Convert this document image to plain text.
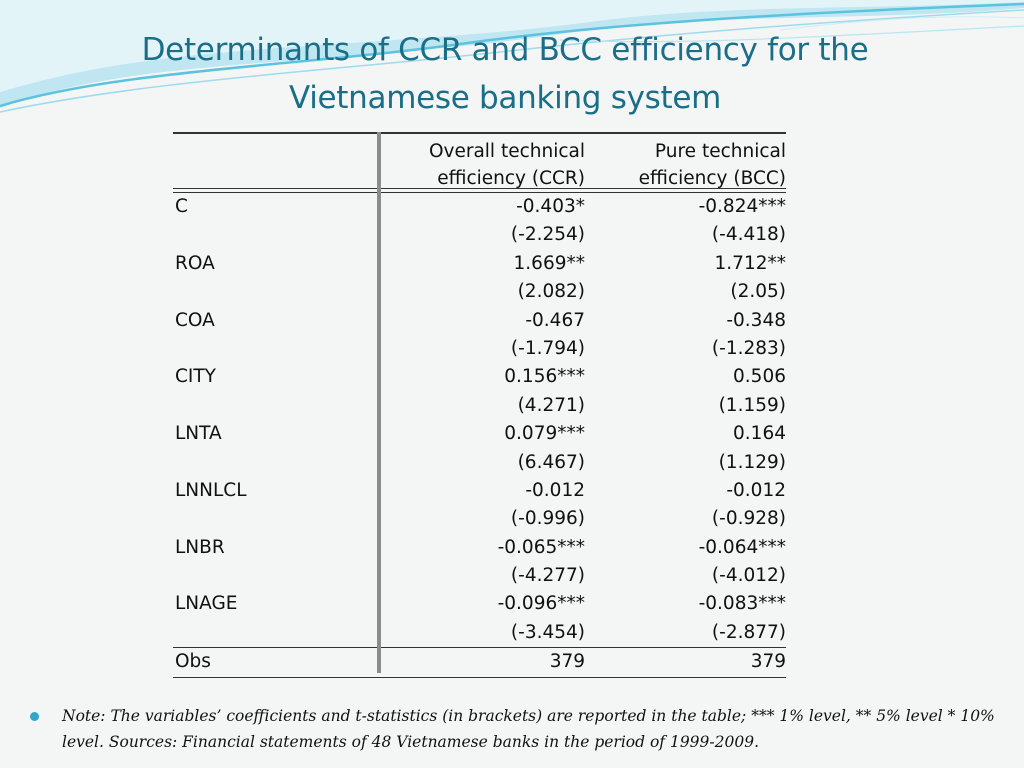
Determinants of CCR and BCC efficiency for the
Vietnamese banking system
Overall technical
efficiency (CCR)
Pure technical
efficiency (BCC)
C	-0.403*	-0.824***
(-2.254)	(-4.418)
ROA	1.669**	1.712**
(2.082)	(2.05)
COA	-0.467	-0.348
(-1.794)	(-1.283)
CITY	0.156***	0.506
(4.271)	(1.159)
LNTA	0.079***	0.164
(6.467)	(1.129)
LNNLCL	-0.012	-0.012
(-0.996)	(-0.928)
LNBR	-0.065***	-0.064***
(-4.277)	(-4.012)
LNAGE	-0.096***	-0.083***
(-3.454)	(-2.877)
Obs	379	379
Note: The variables’ coefficients and t-statistics (in brackets) are reported in the table; *** 1% level, ** 5% level * 10% level. Sources: Financial statements of 48 Vietnamese banks in the period of 1999-2009.
